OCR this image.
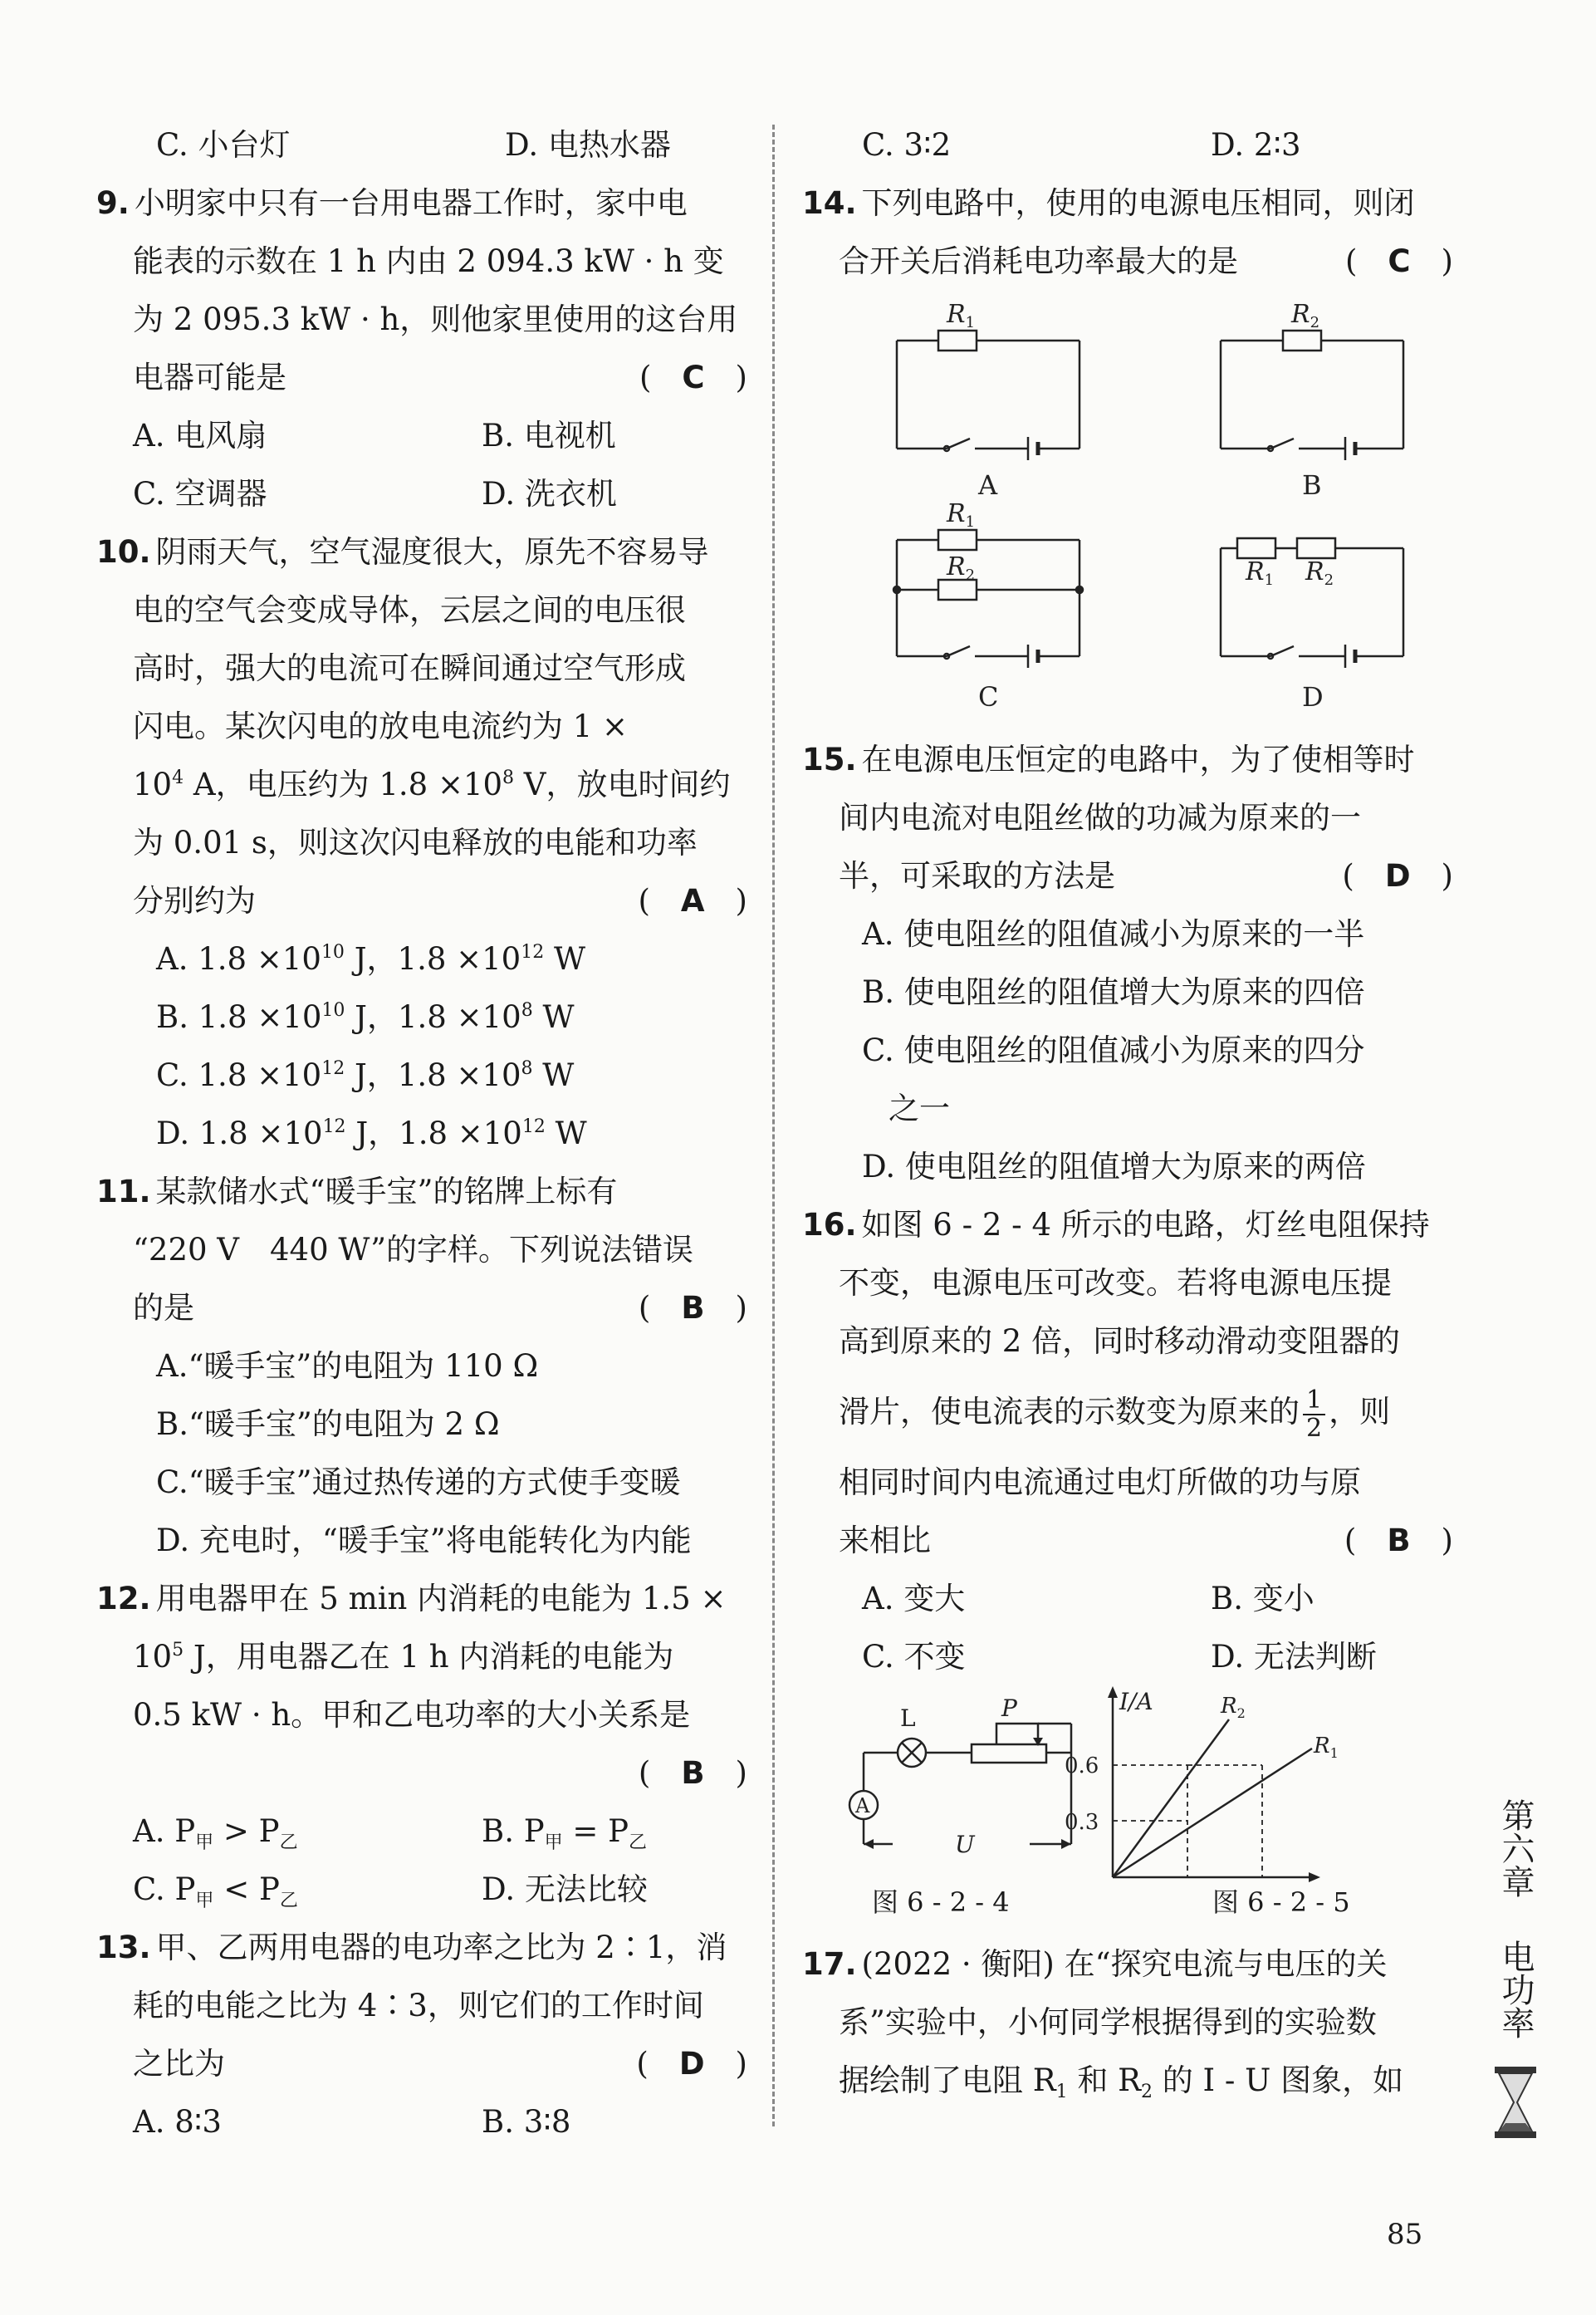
C. 小台灯	D. 电热水器
9. 小明家中只有一台用电器工作时，家中电
能表的示数在 1 h 内由 2 094.3 kW · h 变
为 2 095.3 kW · h，则他家里使用的这台用
电器可能是	(　C　)
A. 电风扇	B. 电视机
C. 空调器	D. 洗衣机
10. 阴雨天气，空气湿度很大，原先不容易导
电的空气会变成导体，云层之间的电压很
高时，强大的电流可在瞬间通过空气形成
闪电。某次闪电的放电电流约为 1 ×
$10^4$ A，电压约为 $1.8 \times 10^8$ V，放电时间约
为 0.01 s，则这次闪电释放的电能和功率
分别约为	(　A　)
A. $1.8 \times 10^{10}$ J，$1.8 \times 10^{12}$ W
B. $1.8 \times 10^{10}$ J，$1.8 \times 10^8$ W
C. $1.8 \times 10^{12}$ J，$1.8 \times 10^8$ W
D. $1.8 \times 10^{12}$ J，$1.8 \times 10^{12}$ W
11. 某款储水式“暖手宝”的铭牌上标有
“220 V　440 W”的字样。下列说法错误
的是	(　B　)
A.“暖手宝”的电阻为 110 Ω
B.“暖手宝”的电阻为 2 Ω
C.“暖手宝”通过热传递的方式使手变暖
D. 充电时，“暖手宝”将电能转化为内能
12. 用电器甲在 5 min 内消耗的电能为 1.5 ×
$10^5$ J，用电器乙在 1 h 内消耗的电能为
0.5 kW · h。甲和乙电功率的大小关系是
(　B　)
A. $P_甲 > P_乙$	B. $P_甲 = P_乙$
C. $P_甲 < P_乙$	D. 无法比较
13. 甲、乙两用电器的电功率之比为 2∶1，消
耗的电能之比为 4∶3，则它们的工作时间
之比为	(　D　)
A. 8∶3	B. 3∶8
C. 3∶2	D. 2∶3
14. 下列电路中，使用的电源电压相同，则闭
合开关后消耗电功率最大的是	(　C　)
$R_1$	$R_2$
$R_1$
$R_2$	$R_1$ $R_2$
A	B
C	D
15. 在电源电压恒定的电路中，为了使相等时
间内电流对电阻丝做的功减为原来的一
半，可采取的方法是	(　D　)
A. 使电阻丝的阻值减小为原来的一半
B. 使电阻丝的阻值增大为原来的四倍
C. 使电阻丝的阻值减小为原来的四分
之一
D. 使电阻丝的阻值增大为原来的两倍
16. 如图 6 - 2 - 4 所示的电路，灯丝电阻保持
不变，电源电压可改变。若将电源电压提
高到原来的 2 倍，同时移动滑动变阻器的
滑片，使电流表的示数变为原来的 $\frac{1}{2}$ ，则
相同时间内电流通过电灯所做的功与原
来相比	(　B　)
A. 变大	B. 变小
C. 不变	D. 无法判断
L	P
A
U
I/A
0.6
0.3
$R_2$
$R_1$
图 6 - 2 - 4	图 6 - 2 - 5
17. (2022 · 衡阳) 在“探究电流与电压的关
系”实验中，小何同学根据得到的实验数
据绘制了电阻 $R_1$ 和 $R_2$ 的 I - U 图象，如
第六章
电功率
85
